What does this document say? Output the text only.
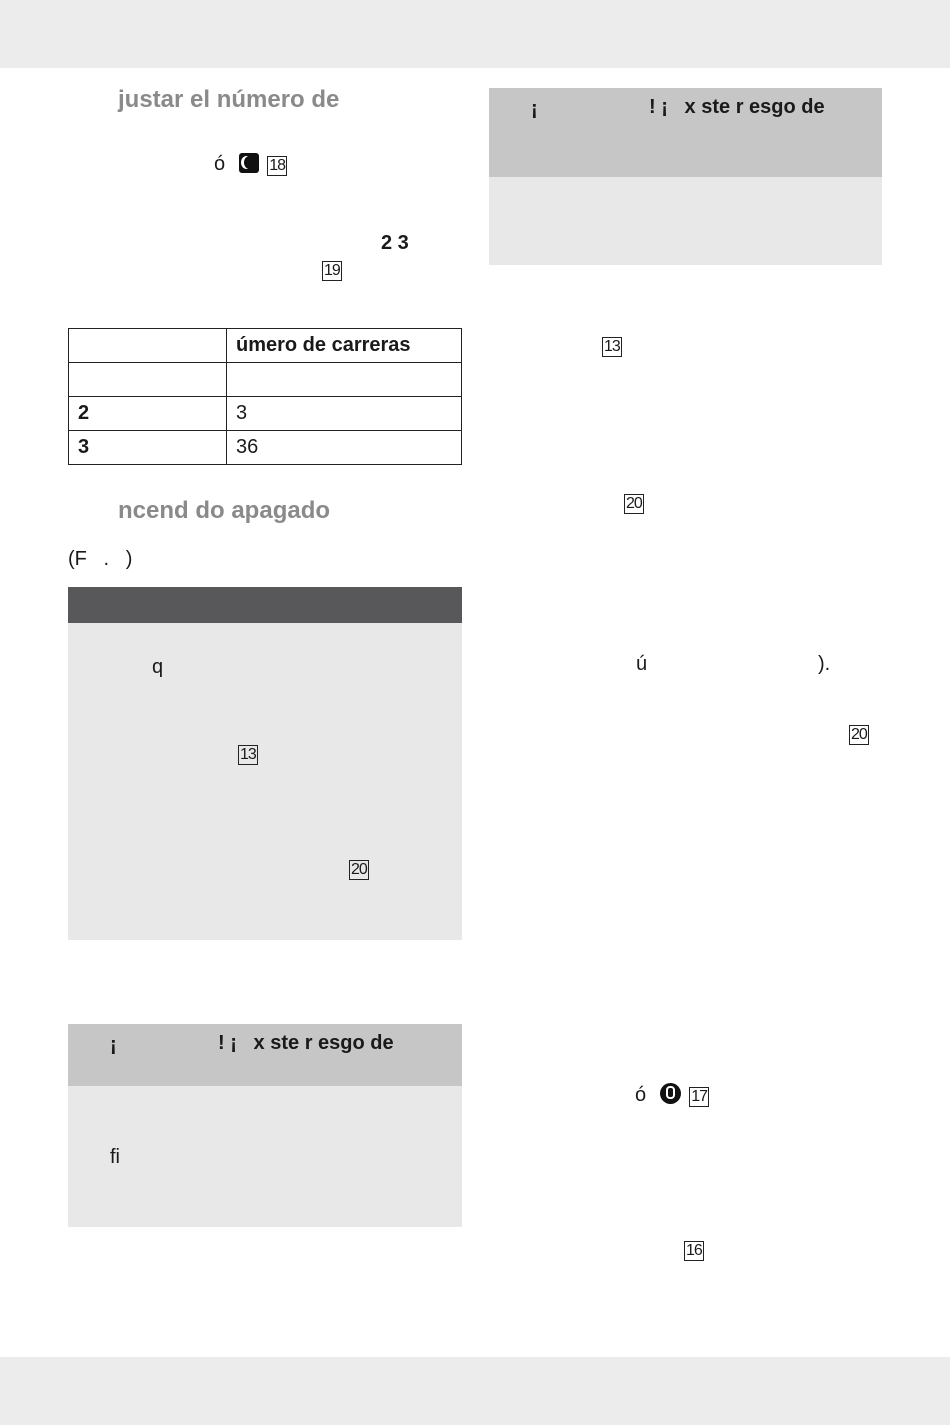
justar el número de
ó	18
2 3
19
	úmero de carreras

2	3
3	36
ncend do apagado
(F   .   )
q
13
20
¡	! ¡   x ste r esgo de
fi
¡	! ¡   x ste r esgo de
13
20
ú	).
20
ó	17
16
